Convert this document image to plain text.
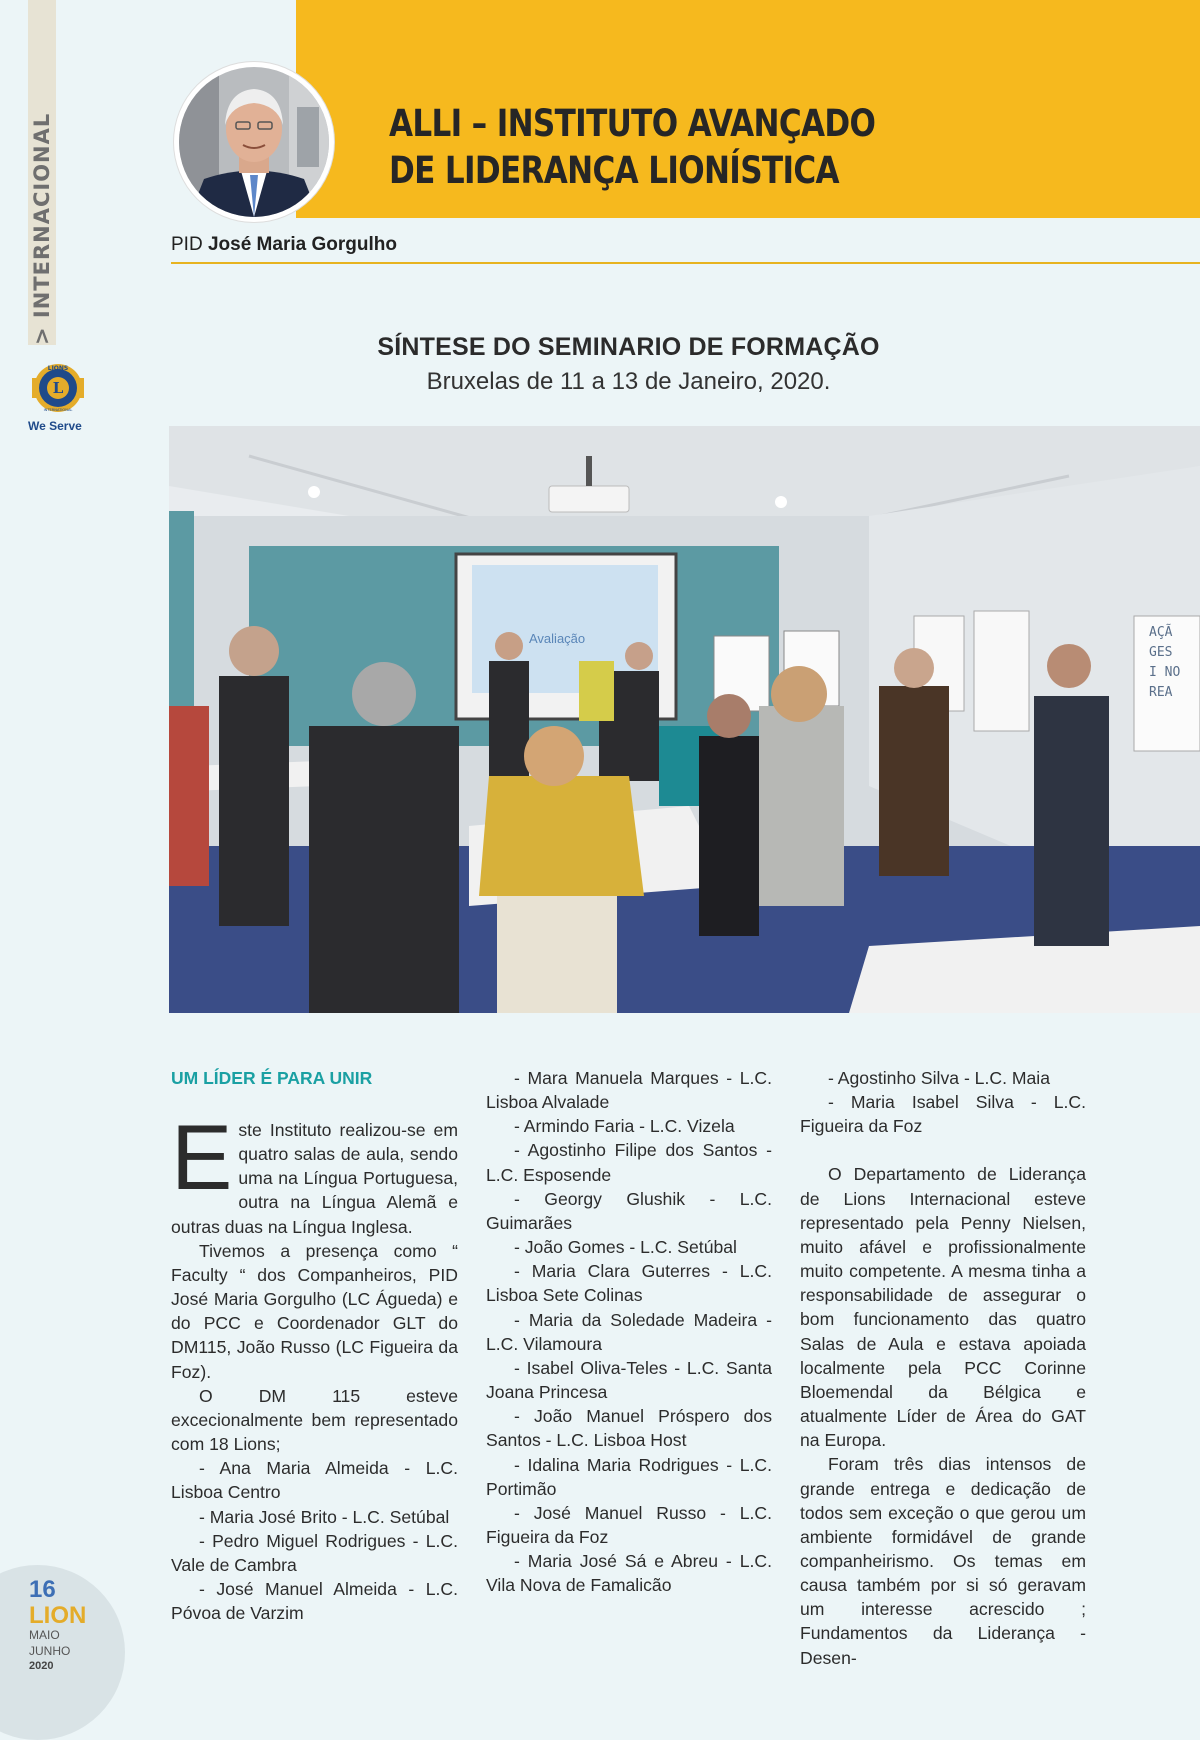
> INTERNACIONAL
LIONS
L
INTERNATIONAL
We Serve
ALLI – INSTITUTO AVANÇADO
DE LIDERANÇA LIONÍSTICA
PID José Maria Gorgulho
SÍNTESE DO SEMINARIO DE FORMAÇÃO
Bruxelas de 11 a 13 de Janeiro, 2020.
Avaliação	AÇÃ
GES
I NO
REA

UM LÍDER É PARA UNIR

Este Instituto realizou-se em quatro salas de aula, sendo uma na Língua Portuguesa, outra na Língua Alemã e outras duas na Língua Inglesa.

Tivemos a presença como “ Faculty “ dos Companheiros, PID José Maria Gorgulho (LC Águeda) e do PCC e Coordenador GLT do DM115, João Russo (LC Figueira da Foz).

O DM 115 esteve excecionalmente bem representado com 18 Lions;

- Ana Maria Almeida - L.C. Lisboa Centro

- Maria José Brito - L.C. Setúbal

- Pedro Miguel Rodrigues - L.C. Vale de Cambra

- José Manuel Almeida - L.C. Póvoa de Varzim

- Mara Manuela Marques - L.C. Lisboa Alvalade

- Armindo Faria - L.C. Vizela

- Agostinho Filipe dos Santos - L.C. Esposende

- Georgy Glushik - L.C. Guimarães

- João Gomes - L.C. Setúbal

- Maria Clara Guterres - L.C. Lisboa Sete Colinas

- Maria da Soledade Madeira - L.C. Vilamoura

- Isabel Oliva-Teles - L.C. Santa Joana Princesa

- João Manuel Próspero dos Santos - L.C. Lisboa Host

- Idalina Maria Rodrigues - L.C. Portimão

- José Manuel Russo - L.C. Figueira da Foz

- Maria José Sá e Abreu - L.C. Vila Nova de Famalicão

- Agostinho Silva - L.C. Maia

- Maria Isabel Silva - L.C. Figueira da Foz

O Departamento de Liderança de Lions Internacional esteve representado pela Penny Nielsen, muito afável e profissionalmente muito competente. A mesma tinha a responsabilidade de assegurar o bom funcionamento das quatro Salas de Aula e estava apoiada localmente pela PCC Corinne Bloemendal da Bélgica e atualmente Líder de Área do GAT na Europa.

Foram três dias intensos de grande entrega e dedicação de todos sem exceção o que gerou um ambiente formidável de grande companheirismo. Os temas em causa também por si só geravam um interesse acrescido ; Fundamentos da Liderança - Desen-

16
LION
MAIO
JUNHO
2020
